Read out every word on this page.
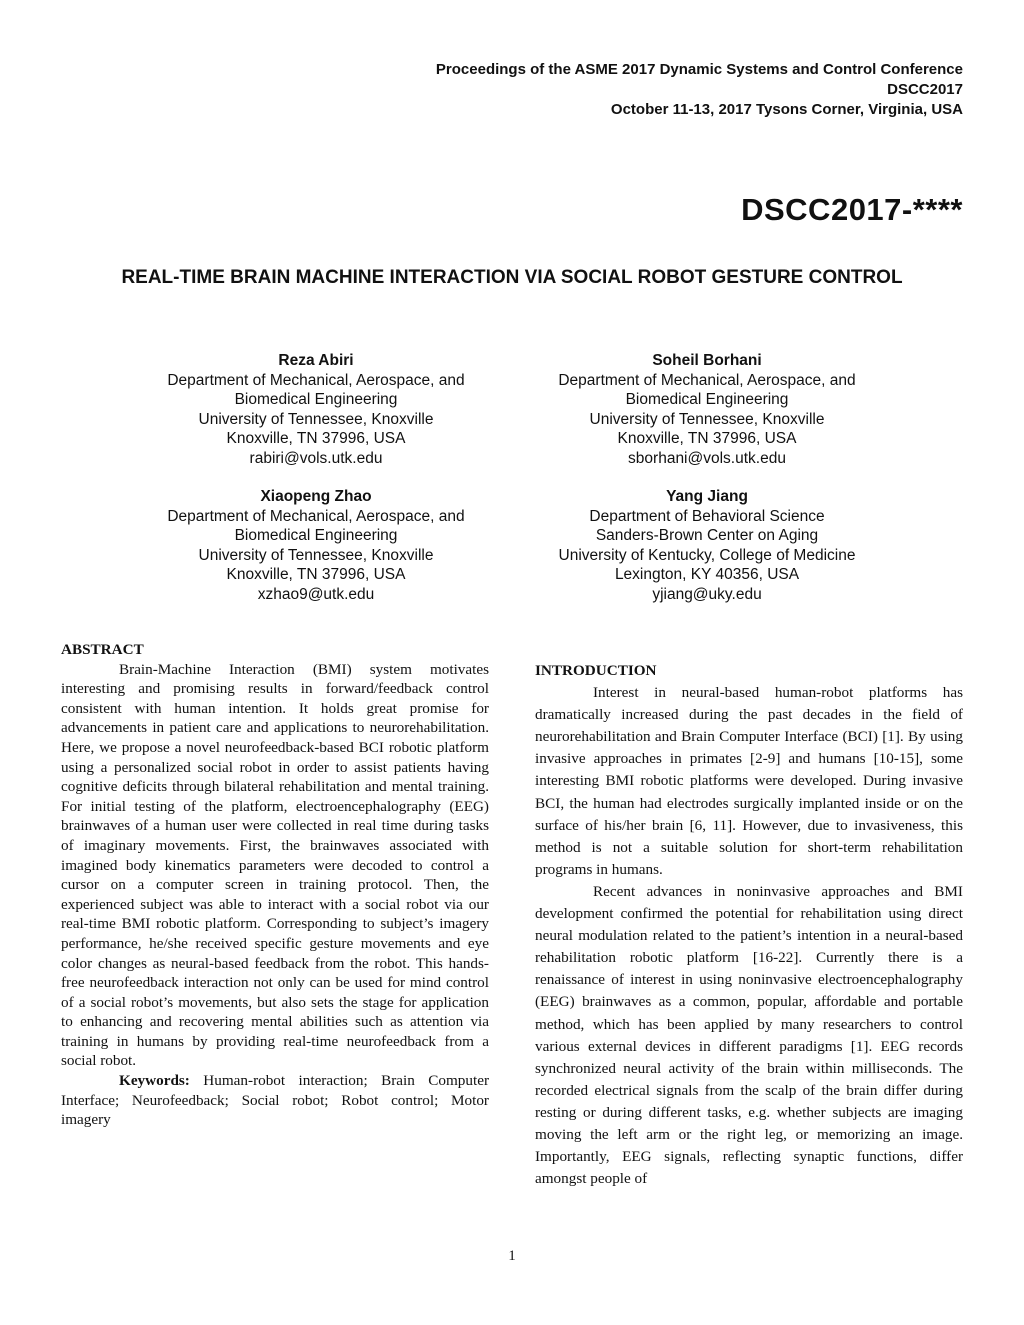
Proceedings of the ASME 2017 Dynamic Systems and Control Conference
DSCC2017
October 11-13, 2017 Tysons Corner, Virginia, USA
DSCC2017-****
REAL-TIME BRAIN MACHINE INTERACTION VIA SOCIAL ROBOT GESTURE CONTROL
Reza Abiri
Department of Mechanical, Aerospace, and
Biomedical Engineering
University of Tennessee, Knoxville
Knoxville, TN 37996, USA
rabiri@vols.utk.edu
Soheil Borhani
Department of Mechanical, Aerospace, and
Biomedical Engineering
University of Tennessee, Knoxville
Knoxville, TN 37996, USA
sborhani@vols.utk.edu
Xiaopeng Zhao
Department of Mechanical, Aerospace, and
Biomedical Engineering
University of Tennessee, Knoxville
Knoxville, TN 37996, USA
xzhao9@utk.edu
Yang Jiang
Department of Behavioral Science
Sanders-Brown Center on Aging
University of Kentucky, College of Medicine
Lexington, KY 40356, USA
yjiang@uky.edu
ABSTRACT

Brain-Machine Interaction (BMI) system motivates interesting and promising results in forward/feedback control consistent with human intention. It holds great promise for advancements in patient care and applications to neurorehabilitation. Here, we propose a novel neurofeedback-based BCI robotic platform using a personalized social robot in order to assist patients having cognitive deficits through bilateral rehabilitation and mental training. For initial testing of the platform, electroencephalography (EEG) brainwaves of a human user were collected in real time during tasks of imaginary movements. First, the brainwaves associated with imagined body kinematics parameters were decoded to control a cursor on a computer screen in training protocol. Then, the experienced subject was able to interact with a social robot via our real-time BMI robotic platform. Corresponding to subject’s imagery performance, he/she received specific gesture movements and eye color changes as neural-based feedback from the robot. This hands-free neurofeedback interaction not only can be used for mind control of a social robot’s movements, but also sets the stage for application to enhancing and recovering mental abilities such as attention via training in humans by providing real-time neurofeedback from a social robot.

Keywords: Human-robot interaction; Brain Computer Interface; Neurofeedback; Social robot; Robot control; Motor imagery

INTRODUCTION

Interest in neural-based human-robot platforms has dramatically increased during the past decades in the field of neurorehabilitation and Brain Computer Interface (BCI) [1]. By using invasive approaches in primates [2-9] and humans [10-15], some interesting BMI robotic platforms were developed. During invasive BCI, the human had electrodes surgically implanted inside or on the surface of his/her brain [6, 11]. However, due to invasiveness, this method is not a suitable solution for short-term rehabilitation programs in humans.

Recent advances in noninvasive approaches and BMI development confirmed the potential for rehabilitation using direct neural modulation related to the patient’s intention in a neural-based rehabilitation robotic platform [16-22]. Currently there is a renaissance of interest in using noninvasive electroencephalography (EEG) brainwaves as a common, popular, affordable and portable method, which has been applied by many researchers to control various external devices in different paradigms [1]. EEG records synchronized neural activity of the brain within milliseconds. The recorded electrical signals from the scalp of the brain differ during resting or during different tasks, e.g. whether subjects are imaging moving the left arm or the right leg, or memorizing an image. Importantly, EEG signals, reflecting synaptic functions, differ amongst people of

1
